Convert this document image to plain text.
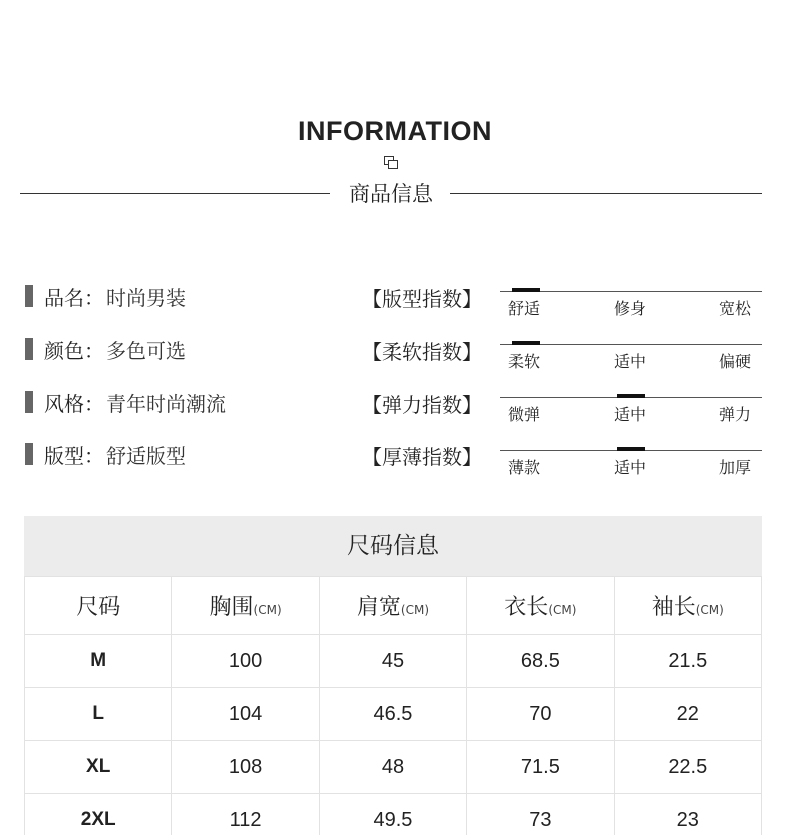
INFORMATION
商品信息
品名： 时尚男装
颜色： 多色可选
风格： 青年时尚潮流
版型： 舒适版型
【版型指数】
【柔软指数】
【弹力指数】
【厚薄指数】
舒适	修身	宽松
柔软	适中	偏硬
微弹	适中	弹力
薄款	适中	加厚
尺码信息
尺码	胸围(CM)	肩宽(CM)	衣长(CM)	袖长(CM)
M	100	45	68.5	21.5
L	104	46.5	70	22
XL	108	48	71.5	22.5
2XL	112	49.5	73	23
